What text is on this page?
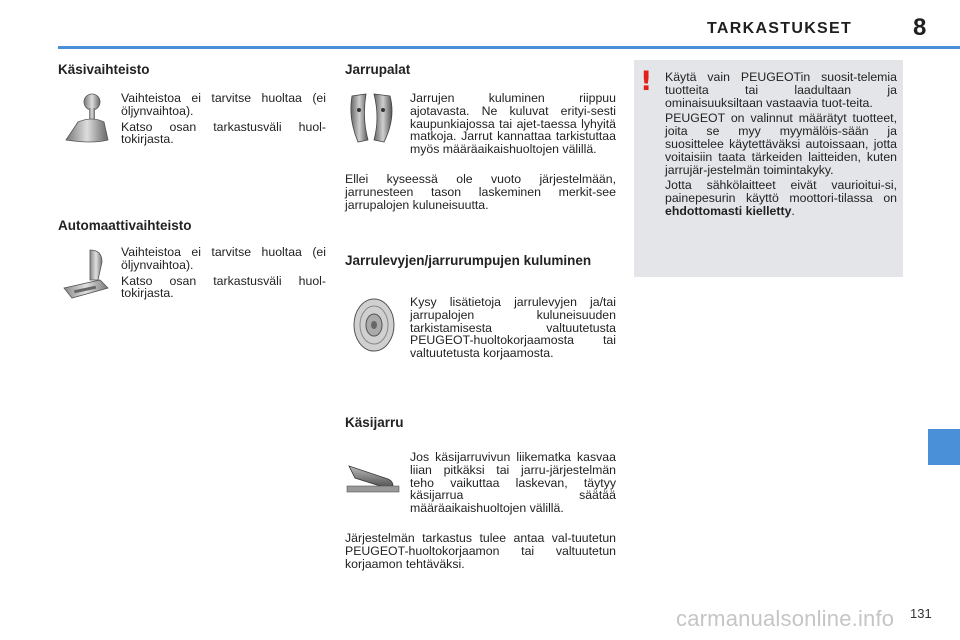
TARKASTUKSET	8
Käsivaihteisto

Vaihteistoa ei tarvitse huoltaa (ei öljynvaihtoa).

Katso osan tarkastusväli huol-tokirjasta.

Automaattivaihteisto

Vaihteistoa ei tarvitse huoltaa (ei öljynvaihtoa).

Katso osan tarkastusväli huol-tokirjasta.

Jarrupalat

Jarrujen kuluminen riippuu ajotavasta. Ne kuluvat erityi-sesti kaupunkiajossa tai ajet-taessa lyhyitä matkoja. Jarrut kannattaa tarkistuttaa myös määräaikaishuoltojen välillä.

Ellei kyseessä ole vuoto järjestelmään, jarrunesteen tason laskeminen merkit-see jarrupalojen kuluneisuutta.

Jarrulevyjen/jarrurumpujen kuluminen

Kysy lisätietoja jarrulevyjen ja/tai jarrupalojen kuluneisuuden tarkistamisesta valtuutetusta PEUGEOT-huoltokorjaamosta tai valtuutetusta korjaamosta.

Käsijarru

Jos käsijarruvivun liikematka kasvaa liian pitkäksi tai jarru-järjestelmän teho vaikuttaa laskevan, täytyy käsijarrua säätää määräaikaishuoltojen välillä.

Järjestelmän tarkastus tulee antaa val-tuutetun PEUGEOT-huoltokorjaamon tai valtuutetun korjaamon tehtäväksi.

! Käytä vain PEUGEOTin suosit-telemia tuotteita tai laadultaan ja ominaisuuksiltaan vastaavia tuot-teita.

PEUGEOT on valinnut määrätyt tuotteet, joita se myy myymälöis-sään ja suosittelee käytettäväksi autoissaan, jotta voitaisiin taata tärkeiden laitteiden, kuten jarrujär-jestelmän toimintakyky.

Jotta sähkölaitteet eivät vaurioitui-si, painepesurin käyttö moottori-tilassa on ehdottomasti kielletty.

carmanualsonline.info 131
